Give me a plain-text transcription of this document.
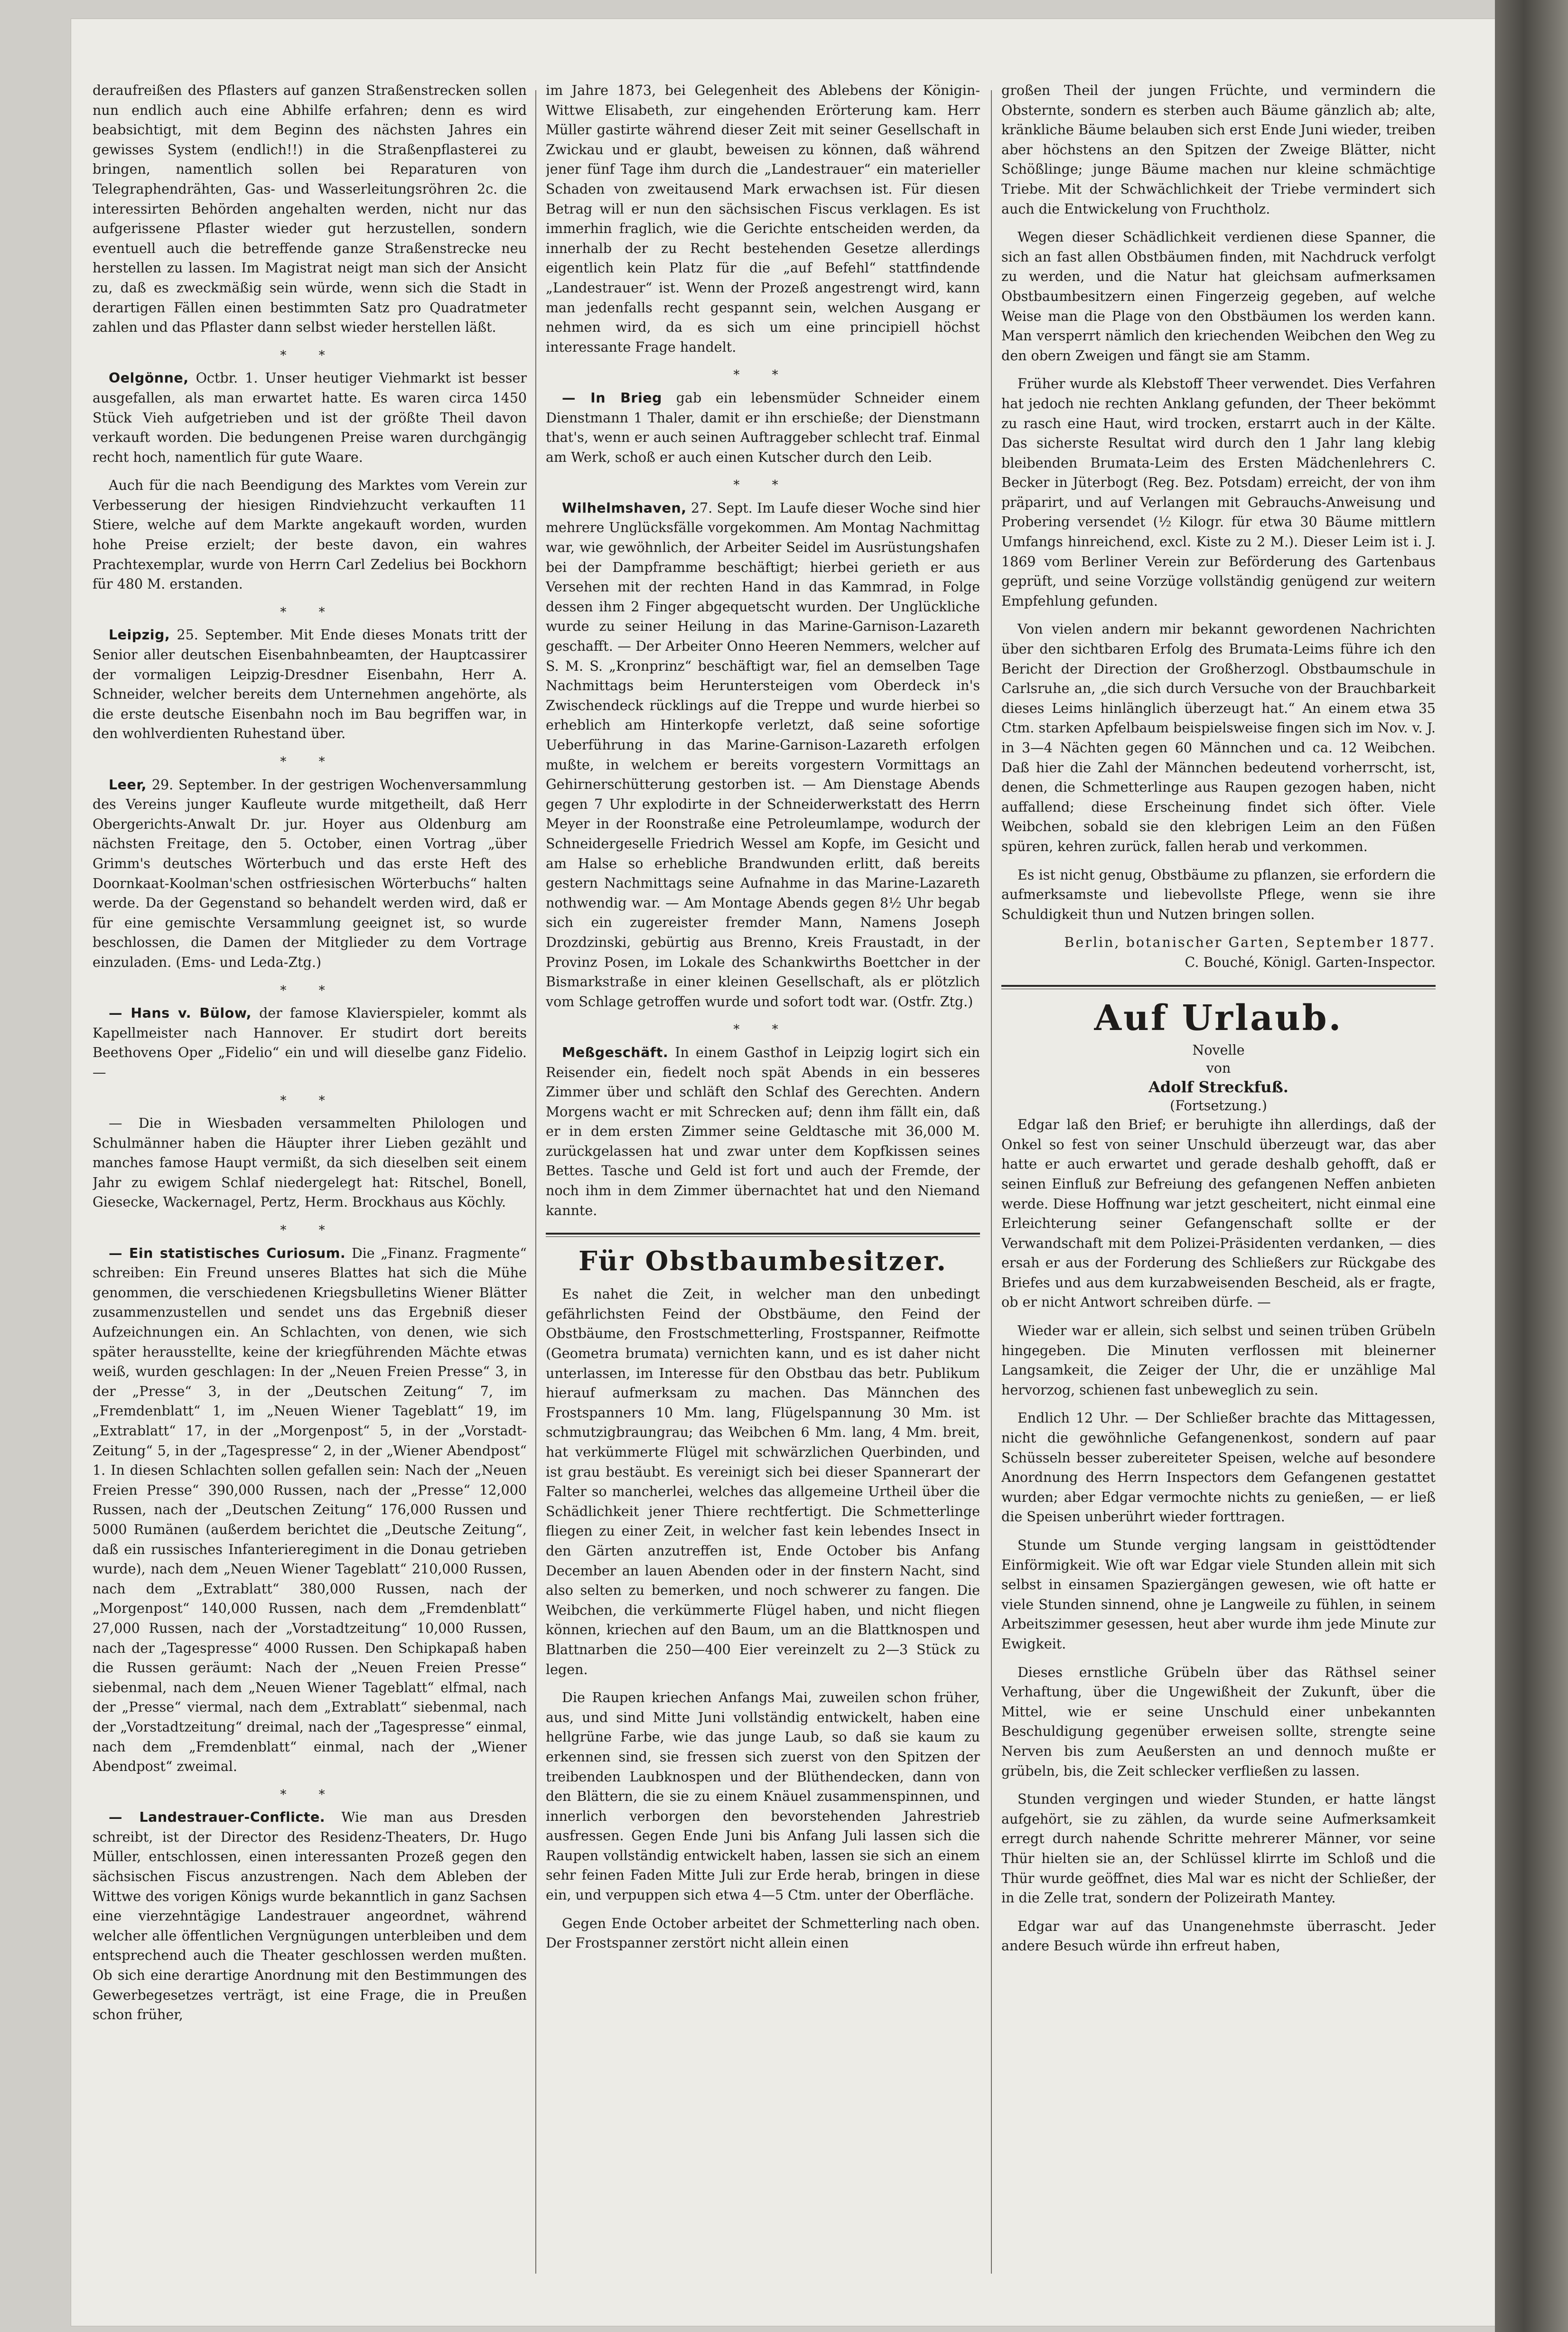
deraufreißen des Pflasters auf ganzen Straßenstrecken sollen nun endlich auch eine Abhilfe erfahren; denn es wird beabsichtigt, mit dem Beginn des nächsten Jahres ein gewisses System (endlich!!) in die Straßenpflasterei zu bringen, namentlich sollen bei Reparaturen von Telegraphendrähten, Gas- und Wasserleitungsröhren 2c. die interessirten Behörden angehalten werden, nicht nur das aufgerissene Pflaster wieder gut herzustellen, sondern eventuell auch die betreffende ganze Straßenstrecke neu herstellen zu lassen. Im Magistrat neigt man sich der Ansicht zu, daß es zweckmäßig sein würde, wenn sich die Stadt in derartigen Fällen einen bestimmten Satz pro Quadratmeter zahlen und das Pflaster dann selbst wieder herstellen läßt.

* *

Oelgönne, Octbr. 1. Unser heutiger Viehmarkt ist besser ausgefallen, als man erwartet hatte. Es waren circa 1450 Stück Vieh aufgetrieben und ist der größte Theil davon verkauft worden. Die bedungenen Preise waren durchgängig recht hoch, namentlich für gute Waare.

Auch für die nach Beendigung des Marktes vom Verein zur Verbesserung der hiesigen Rindviehzucht verkauften 11 Stiere, welche auf dem Markte angekauft worden, wurden hohe Preise erzielt; der beste davon, ein wahres Prachtexemplar, wurde von Herrn Carl Zedelius bei Bockhorn für 480 M. erstanden.

* *

Leipzig, 25. September. Mit Ende dieses Monats tritt der Senior aller deutschen Eisenbahnbeamten, der Hauptcassirer der vormaligen Leipzig-Dresdner Eisenbahn, Herr A. Schneider, welcher bereits dem Unternehmen angehörte, als die erste deutsche Eisenbahn noch im Bau begriffen war, in den wohlverdienten Ruhestand über.

* *

Leer, 29. September. In der gestrigen Wochenversammlung des Vereins junger Kaufleute wurde mitgetheilt, daß Herr Obergerichts-Anwalt Dr. jur. Hoyer aus Oldenburg am nächsten Freitage, den 5. October, einen Vortrag „über Grimm's deutsches Wörterbuch und das erste Heft des Doornkaat-Koolman'schen ostfriesischen Wörterbuchs“ halten werde. Da der Gegenstand so behandelt werden wird, daß er für eine gemischte Versammlung geeignet ist, so wurde beschlossen, die Damen der Mitglieder zu dem Vortrage einzuladen. (Ems- und Leda-Ztg.)

* *

— Hans v. Bülow, der famose Klavierspieler, kommt als Kapellmeister nach Hannover. Er studirt dort bereits Beethovens Oper „Fidelio“ ein und will dieselbe ganz Fidelio. —

* *

— Die in Wiesbaden versammelten Philologen und Schulmänner haben die Häupter ihrer Lieben gezählt und manches famose Haupt vermißt, da sich dieselben seit einem Jahr zu ewigem Schlaf niedergelegt hat: Ritschel, Bonell, Giesecke, Wackernagel, Pertz, Herm. Brockhaus aus Köchly.

* *

— Ein statistisches Curiosum. Die „Finanz. Fragmente“ schreiben: Ein Freund unseres Blattes hat sich die Mühe genommen, die verschiedenen Kriegsbulletins Wiener Blätter zusammenzustellen und sendet uns das Ergebniß dieser Aufzeichnungen ein. An Schlachten, von denen, wie sich später herausstellte, keine der kriegführenden Mächte etwas weiß, wurden geschlagen: In der „Neuen Freien Presse“ 3, in der „Presse“ 3, in der „Deutschen Zeitung“ 7, im „Fremdenblatt“ 1, im „Neuen Wiener Tageblatt“ 19, im „Extrablatt“ 17, in der „Morgenpost“ 5, in der „Vorstadt-Zeitung“ 5, in der „Tagespresse“ 2, in der „Wiener Abendpost“ 1. In diesen Schlachten sollen gefallen sein: Nach der „Neuen Freien Presse“ 390,000 Russen, nach der „Presse“ 12,000 Russen, nach der „Deutschen Zeitung“ 176,000 Russen und 5000 Rumänen (außerdem berichtet die „Deutsche Zeitung“, daß ein russisches Infanterieregiment in die Donau getrieben wurde), nach dem „Neuen Wiener Tageblatt“ 210,000 Russen, nach dem „Extrablatt“ 380,000 Russen, nach der „Morgenpost“ 140,000 Russen, nach dem „Fremdenblatt“ 27,000 Russen, nach der „Vorstadtzeitung“ 10,000 Russen, nach der „Tagespresse“ 4000 Russen. Den Schipkapaß haben die Russen geräumt: Nach der „Neuen Freien Presse“ siebenmal, nach dem „Neuen Wiener Tageblatt“ elfmal, nach der „Presse“ viermal, nach dem „Extrablatt“ siebenmal, nach der „Vorstadtzeitung“ dreimal, nach der „Tagespresse“ einmal, nach dem „Fremdenblatt“ einmal, nach der „Wiener Abendpost“ zweimal.

* *

— Landestrauer-Conflicte. Wie man aus Dresden schreibt, ist der Director des Residenz-Theaters, Dr. Hugo Müller, entschlossen, einen interessanten Prozeß gegen den sächsischen Fiscus anzustrengen. Nach dem Ableben der Wittwe des vorigen Königs wurde bekanntlich in ganz Sachsen eine vierzehntägige Landestrauer angeordnet, während welcher alle öffentlichen Vergnügungen unterbleiben und dem entsprechend auch die Theater geschlossen werden mußten. Ob sich eine derartige Anordnung mit den Bestimmungen des Gewerbegesetzes verträgt, ist eine Frage, die in Preußen schon früher,

im Jahre 1873, bei Gelegenheit des Ablebens der Königin-Wittwe Elisabeth, zur eingehenden Erörterung kam. Herr Müller gastirte während dieser Zeit mit seiner Gesellschaft in Zwickau und er glaubt, beweisen zu können, daß während jener fünf Tage ihm durch die „Landestrauer“ ein materieller Schaden von zweitausend Mark erwachsen ist. Für diesen Betrag will er nun den sächsischen Fiscus verklagen. Es ist immerhin fraglich, wie die Gerichte entscheiden werden, da innerhalb der zu Recht bestehenden Gesetze allerdings eigentlich kein Platz für die „auf Befehl“ stattfindende „Landestrauer“ ist. Wenn der Prozeß angestrengt wird, kann man jedenfalls recht gespannt sein, welchen Ausgang er nehmen wird, da es sich um eine principiell höchst interessante Frage handelt.

* *

— In Brieg gab ein lebensmüder Schneider einem Dienstmann 1 Thaler, damit er ihn erschieße; der Dienstmann that's, wenn er auch seinen Auftraggeber schlecht traf. Einmal am Werk, schoß er auch einen Kutscher durch den Leib.

* *

Wilhelmshaven, 27. Sept. Im Laufe dieser Woche sind hier mehrere Unglücksfälle vorgekommen. Am Montag Nachmittag war, wie gewöhnlich, der Arbeiter Seidel im Ausrüstungshafen bei der Dampframme beschäftigt; hierbei gerieth er aus Versehen mit der rechten Hand in das Kammrad, in Folge dessen ihm 2 Finger abgequetscht wurden. Der Unglückliche wurde zu seiner Heilung in das Marine-Garnison-Lazareth geschafft. — Der Arbeiter Onno Heeren Nemmers, welcher auf S. M. S. „Kronprinz“ beschäftigt war, fiel an demselben Tage Nachmittags beim Heruntersteigen vom Oberdeck in's Zwischendeck rücklings auf die Treppe und wurde hierbei so erheblich am Hinterkopfe verletzt, daß seine sofortige Ueberführung in das Marine-Garnison-Lazareth erfolgen mußte, in welchem er bereits vorgestern Vormittags an Gehirnerschütterung gestorben ist. — Am Dienstage Abends gegen 7 Uhr explodirte in der Schneiderwerkstatt des Herrn Meyer in der Roonstraße eine Petroleumlampe, wodurch der Schneidergeselle Friedrich Wessel am Kopfe, im Gesicht und am Halse so erhebliche Brandwunden erlitt, daß bereits gestern Nachmittags seine Aufnahme in das Marine-Lazareth nothwendig war. — Am Montage Abends gegen 8½ Uhr begab sich ein zugereister fremder Mann, Namens Joseph Drozdzinski, gebürtig aus Brenno, Kreis Fraustadt, in der Provinz Posen, im Lokale des Schankwirths Boettcher in der Bismarkstraße in einer kleinen Gesellschaft, als er plötzlich vom Schlage getroffen wurde und sofort todt war. (Ostfr. Ztg.)

* *

Meßgeschäft. In einem Gasthof in Leipzig logirt sich ein Reisender ein, fiedelt noch spät Abends in ein besseres Zimmer über und schläft den Schlaf des Gerechten. Andern Morgens wacht er mit Schrecken auf; denn ihm fällt ein, daß er in dem ersten Zimmer seine Geldtasche mit 36,000 M. zurückgelassen hat und zwar unter dem Kopfkissen seines Bettes. Tasche und Geld ist fort und auch der Fremde, der noch ihm in dem Zimmer übernachtet hat und den Niemand kannte.

Für Obstbaumbesitzer.

Es nahet die Zeit, in welcher man den unbedingt gefährlichsten Feind der Obstbäume, den Feind der Obstbäume, den Frostschmetterling, Frostspanner, Reifmotte (Geometra brumata) vernichten kann, und es ist daher nicht unterlassen, im Interesse für den Obstbau das betr. Publikum hierauf aufmerksam zu machen. Das Männchen des Frostspanners 10 Mm. lang, Flügelspannung 30 Mm. ist schmutzigbraungrau; das Weibchen 6 Mm. lang, 4 Mm. breit, hat verkümmerte Flügel mit schwärzlichen Querbinden, und ist grau bestäubt. Es vereinigt sich bei dieser Spannerart der Falter so mancherlei, welches das allgemeine Urtheil über die Schädlichkeit jener Thiere rechtfertigt. Die Schmetterlinge fliegen zu einer Zeit, in welcher fast kein lebendes Insect in den Gärten anzutreffen ist, Ende October bis Anfang December an lauen Abenden oder in der finstern Nacht, sind also selten zu bemerken, und noch schwerer zu fangen. Die Weibchen, die verkümmerte Flügel haben, und nicht fliegen können, kriechen auf den Baum, um an die Blattknospen und Blattnarben die 250—400 Eier vereinzelt zu 2—3 Stück zu legen.

Die Raupen kriechen Anfangs Mai, zuweilen schon früher, aus, und sind Mitte Juni vollständig entwickelt, haben eine hellgrüne Farbe, wie das junge Laub, so daß sie kaum zu erkennen sind, sie fressen sich zuerst von den Spitzen der treibenden Laubknospen und der Blüthendecken, dann von den Blättern, die sie zu einem Knäuel zusammenspinnen, und innerlich verborgen den bevorstehenden Jahrestrieb ausfressen. Gegen Ende Juni bis Anfang Juli lassen sich die Raupen vollständig entwickelt haben, lassen sie sich an einem sehr feinen Faden Mitte Juli zur Erde herab, bringen in diese ein, und verpuppen sich etwa 4—5 Ctm. unter der Oberfläche.

Gegen Ende October arbeitet der Schmetterling nach oben. Der Frostspanner zerstört nicht allein einen

großen Theil der jungen Früchte, und vermindern die Obsternte, sondern es sterben auch Bäume gänzlich ab; alte, kränkliche Bäume belauben sich erst Ende Juni wieder, treiben aber höchstens an den Spitzen der Zweige Blätter, nicht Schößlinge; junge Bäume machen nur kleine schmächtige Triebe. Mit der Schwächlichkeit der Triebe vermindert sich auch die Entwickelung von Fruchtholz.

Wegen dieser Schädlichkeit verdienen diese Spanner, die sich an fast allen Obstbäumen finden, mit Nachdruck verfolgt zu werden, und die Natur hat gleichsam aufmerksamen Obstbaumbesitzern einen Fingerzeig gegeben, auf welche Weise man die Plage von den Obstbäumen los werden kann. Man versperrt nämlich den kriechenden Weibchen den Weg zu den obern Zweigen und fängt sie am Stamm.

Früher wurde als Klebstoff Theer verwendet. Dies Verfahren hat jedoch nie rechten Anklang gefunden, der Theer bekömmt zu rasch eine Haut, wird trocken, erstarrt auch in der Kälte. Das sicherste Resultat wird durch den 1 Jahr lang klebig bleibenden Brumata-Leim des Ersten Mädchenlehrers C. Becker in Jüterbogt (Reg. Bez. Potsdam) erreicht, der von ihm präparirt, und auf Verlangen mit Gebrauchs-Anweisung und Probering versendet (½ Kilogr. für etwa 30 Bäume mittlern Umfangs hinreichend, excl. Kiste zu 2 M.). Dieser Leim ist i. J. 1869 vom Berliner Verein zur Beförderung des Gartenbaus geprüft, und seine Vorzüge vollständig genügend zur weitern Empfehlung gefunden.

Von vielen andern mir bekannt gewordenen Nachrichten über den sichtbaren Erfolg des Brumata-Leims führe ich den Bericht der Direction der Großherzogl. Obstbaumschule in Carlsruhe an, „die sich durch Versuche von der Brauchbarkeit dieses Leims hinlänglich überzeugt hat.“ An einem etwa 35 Ctm. starken Apfelbaum beispielsweise fingen sich im Nov. v. J. in 3—4 Nächten gegen 60 Männchen und ca. 12 Weibchen. Daß hier die Zahl der Männchen bedeutend vorherrscht, ist, denen, die Schmetterlinge aus Raupen gezogen haben, nicht auffallend; diese Erscheinung findet sich öfter. Viele Weibchen, sobald sie den klebrigen Leim an den Füßen spüren, kehren zurück, fallen herab und verkommen.

Es ist nicht genug, Obstbäume zu pflanzen, sie erfordern die aufmerksamste und liebevollste Pflege, wenn sie ihre Schuldigkeit thun und Nutzen bringen sollen.

Berlin, botanischer Garten, September 1877.

C. Bouché, Königl. Garten-Inspector.

Auf Urlaub.

Novelle

von

Adolf Streckfuß.

(Fortsetzung.)

Edgar laß den Brief; er beruhigte ihn allerdings, daß der Onkel so fest von seiner Unschuld überzeugt war, das aber hatte er auch erwartet und gerade deshalb gehofft, daß er seinen Einfluß zur Befreiung des gefangenen Neffen anbieten werde. Diese Hoffnung war jetzt gescheitert, nicht einmal eine Erleichterung seiner Gefangenschaft sollte er der Verwandschaft mit dem Polizei-Präsidenten verdanken, — dies ersah er aus der Forderung des Schließers zur Rückgabe des Briefes und aus dem kurzabweisenden Bescheid, als er fragte, ob er nicht Antwort schreiben dürfe. —

Wieder war er allein, sich selbst und seinen trüben Grübeln hingegeben. Die Minuten verflossen mit bleinerner Langsamkeit, die Zeiger der Uhr, die er unzählige Mal hervorzog, schienen fast unbeweglich zu sein.

Endlich 12 Uhr. — Der Schließer brachte das Mittagessen, nicht die gewöhnliche Gefangenenkost, sondern auf paar Schüsseln besser zubereiteter Speisen, welche auf besondere Anordnung des Herrn Inspectors dem Gefangenen gestattet wurden; aber Edgar vermochte nichts zu genießen, — er ließ die Speisen unberührt wieder forttragen.

Stunde um Stunde verging langsam in geisttödtender Einförmigkeit. Wie oft war Edgar viele Stunden allein mit sich selbst in einsamen Spaziergängen gewesen, wie oft hatte er viele Stunden sinnend, ohne je Langweile zu fühlen, in seinem Arbeitszimmer gesessen, heut aber wurde ihm jede Minute zur Ewigkeit.

Dieses ernstliche Grübeln über das Räthsel seiner Verhaftung, über die Ungewißheit der Zukunft, über die Mittel, wie er seine Unschuld einer unbekannten Beschuldigung gegenüber erweisen sollte, strengte seine Nerven bis zum Aeußersten an und dennoch mußte er grübeln, bis, die Zeit schlecker verfließen zu lassen.

Stunden vergingen und wieder Stunden, er hatte längst aufgehört, sie zu zählen, da wurde seine Aufmerksamkeit erregt durch nahende Schritte mehrerer Männer, vor seine Thür hielten sie an, der Schlüssel klirrte im Schloß und die Thür wurde geöffnet, dies Mal war es nicht der Schließer, der in die Zelle trat, sondern der Polizeirath Mantey.

Edgar war auf das Unangenehmste überrascht. Jeder andere Besuch würde ihn erfreut haben,
